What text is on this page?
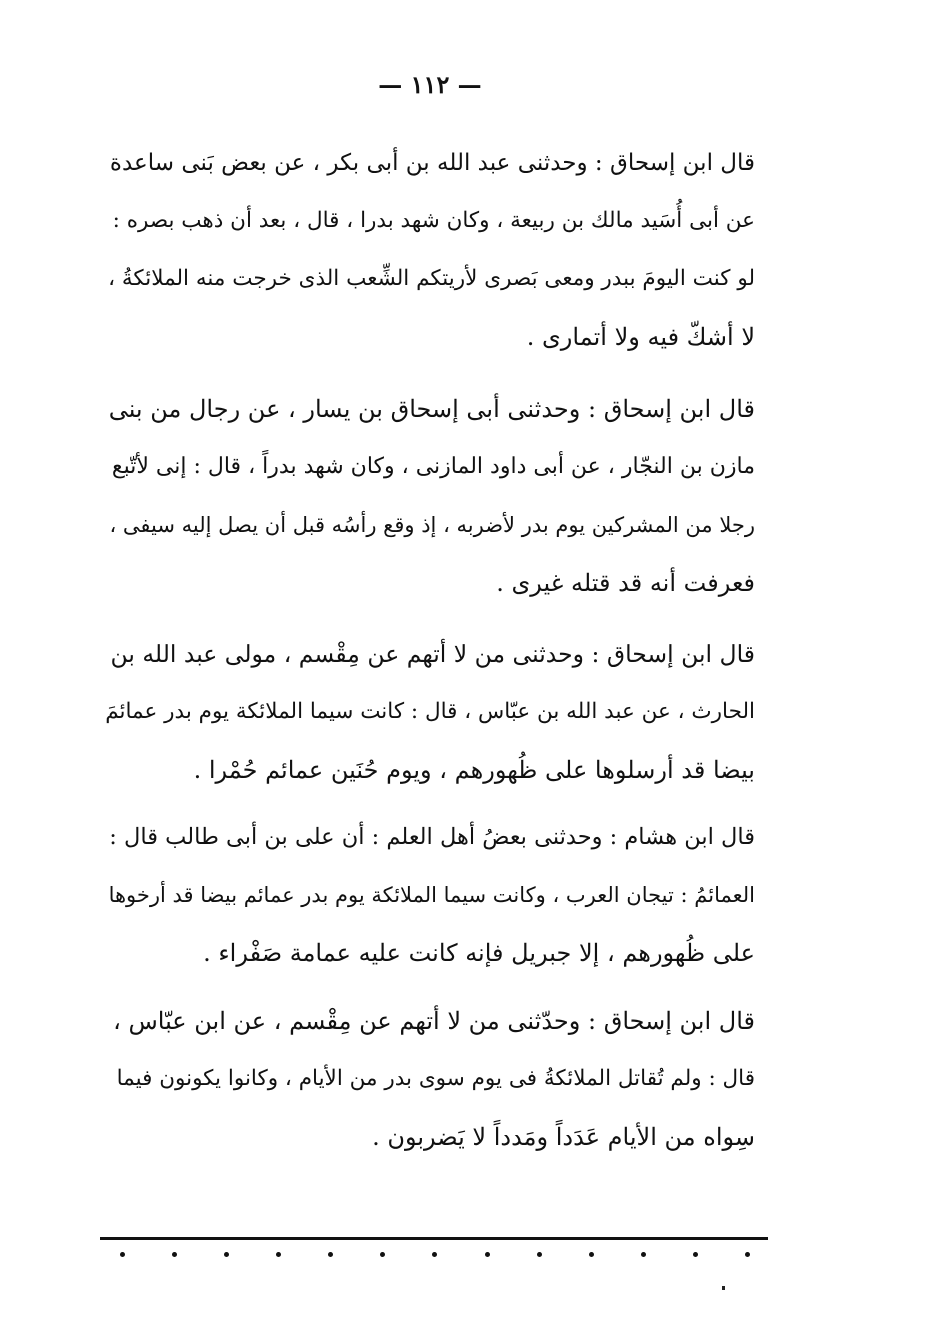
— ١١٢ —
قال ابن إسحاق : وحدثنى عبد الله بن أبى بكر ، عن بعض بَنى ساعدة
عن أبى أُسَيد مالك بن ربيعة ، وكان شهد بدرا ، قال ، بعد أن ذهب بصره :
لو كنت اليومَ ببدر ومعى بَصرى لأريتكم الشِّعب الذى خرجت منه الملائكةُ ،
لا أشكّ فيه ولا أتمارى .
قال ابن إسحاق : وحدثنى أبى إسحاق بن يسار ، عن رجال من بنى
مازن بن النجّار ، عن أبى داود المازنى ، وكان شهد بدراً ، قال : إنى لأتّبع
رجلا من المشركين يوم بدر لأضربه ، إذ وقع رأسُه قبل أن يصل إليه سيفى ،
فعرفت أنه قد قتله غيرى .
قال ابن إسحاق : وحدثنى من لا أتهم عن مِقْسم ، مولى عبد الله بن
الحارث ، عن عبد الله بن عبّاس ، قال : كانت سيما الملائكة يوم بدر عمائمَ
بيضا قد أرسلوها على ظُهورهم ، ويوم حُنَين عمائم حُمْرا .
قال ابن هشام : وحدثنى بعضُ أهل العلم : أن على بن أبى طالب قال :
العمائمُ : تيجان العرب ، وكانت سيما الملائكة يوم بدر عمائم بيضا قد أرخوها
على ظُهورهم ، إلا جبريل فإنه كانت عليه عمامة صَفْراء .
قال ابن إسحاق : وحدّثنى من لا أتهم عن مِقْسم ، عن ابن عبّاس ،
قال : ولم تُقاتل الملائكةُ فى يوم سوى بدر من الأيام ، وكانوا يكونون فيما
سِواه من الأيام عَدَداً ومَدداً لا يَضربون .
